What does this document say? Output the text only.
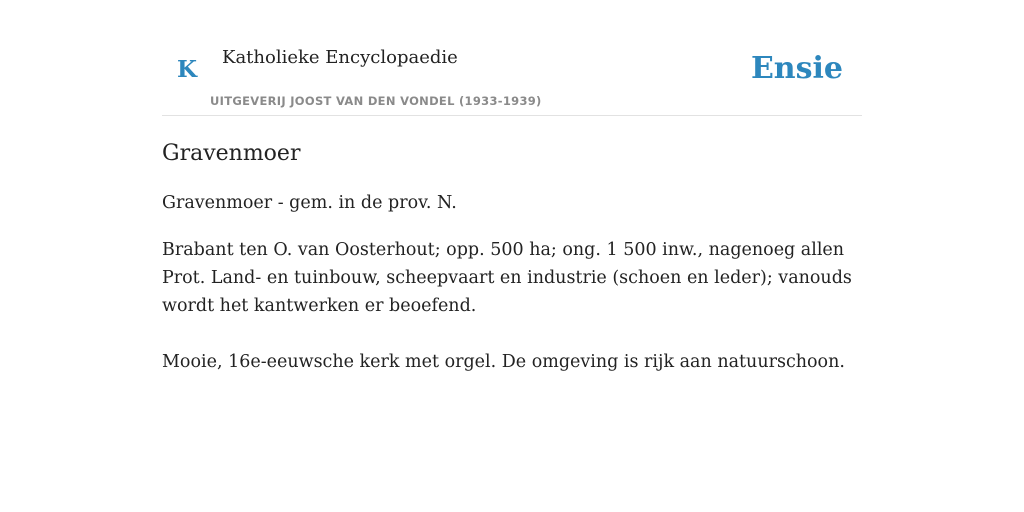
K Katholieke Encyclopaedie
UITGEVERIJ JOOST VAN DEN VONDEL (1933-1939)
Ensie
Gravenmoer

Gravenmoer - gem. in de prov. N.

Brabant ten O. van Oosterhout; opp. 500 ha; ong. 1 500 inw., nagenoeg allen Prot. Land- en tuinbouw, scheepvaart en industrie (schoen en leder); vanouds wordt het kantwerken er beoefend.

Mooie, 16e-eeuwsche kerk met orgel. De omgeving is rijk aan natuurschoon.
